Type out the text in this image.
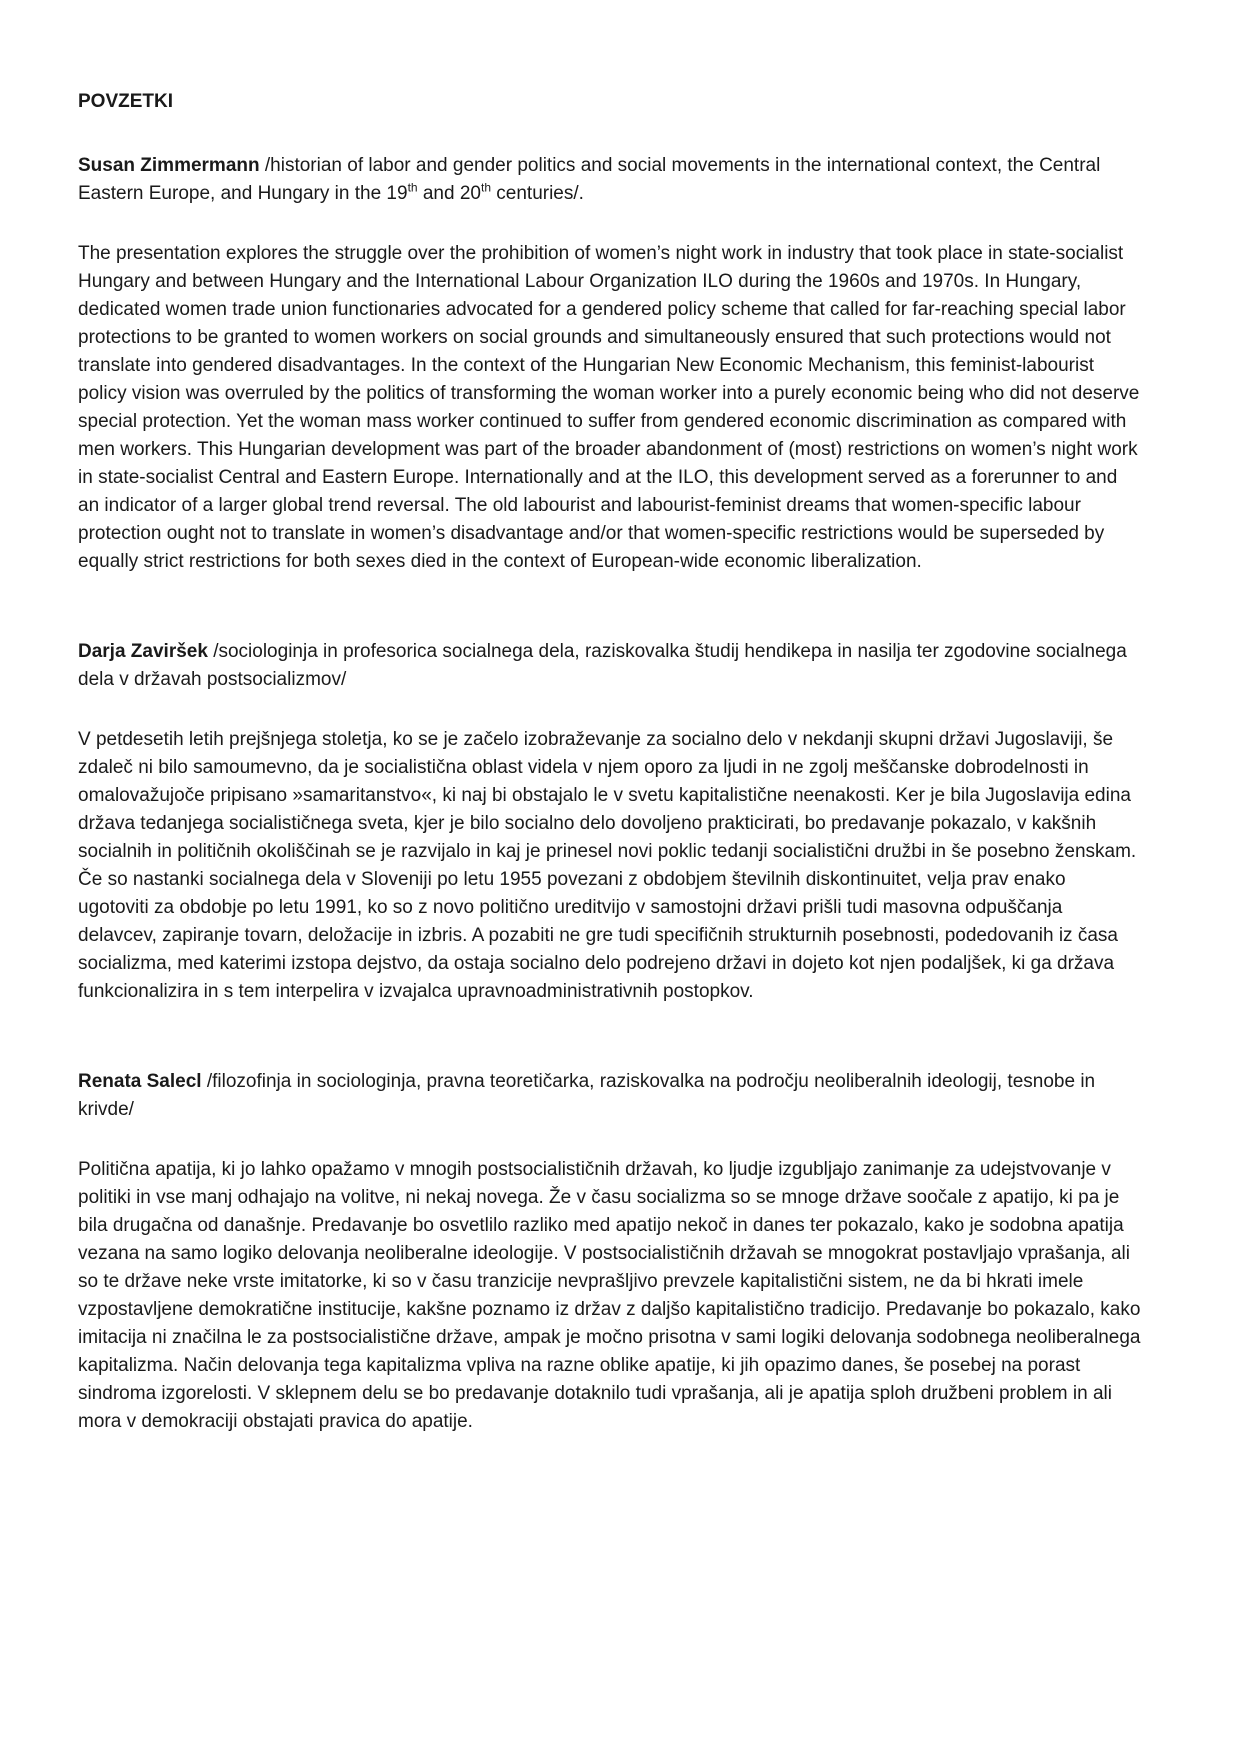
POVZETKI

Susan Zimmermann /historian of labor and gender politics and social movements in the international context, the Central Eastern Europe, and Hungary in the 19th and 20th centuries/.

The presentation explores the struggle over the prohibition of women’s night work in industry that took place in state-socialist Hungary and between Hungary and the International Labour Organization ILO during the 1960s and 1970s. In Hungary, dedicated women trade union functionaries advocated for a gendered policy scheme that called for far-reaching special labor protections to be granted to women workers on social grounds and simultaneously ensured that such protections would not translate into gendered disadvantages. In the context of the Hungarian New Economic Mechanism, this feminist-labourist policy vision was overruled by the politics of transforming the woman worker into a purely economic being who did not deserve special protection. Yet the woman mass worker continued to suffer from gendered economic discrimination as compared with men workers. This Hungarian development was part of the broader abandonment of (most) restrictions on women’s night work in state-socialist Central and Eastern Europe. Internationally and at the ILO, this development served as a forerunner to and an indicator of a larger global trend reversal. The old labourist and labourist-feminist dreams that women-specific labour protection ought not to translate in women’s disadvantage and/or that women-specific restrictions would be superseded by equally strict restrictions for both sexes died in the context of European-wide economic liberalization.

Darja Zaviršek /sociologinja in profesorica socialnega dela, raziskovalka študij hendikepa in nasilja ter zgodovine socialnega dela v državah postsocializmov/

V petdesetih letih prejšnjega stoletja, ko se je začelo izobraževanje za socialno delo v nekdanji skupni državi Jugoslaviji, še zdaleč ni bilo samoumevno, da je socialistična oblast videla v njem oporo za ljudi in ne zgolj meščanske dobrodelnosti in omalovažujoče pripisano »samaritanstvo«, ki naj bi obstajalo le v svetu kapitalistične neenakosti. Ker je bila Jugoslavija edina država tedanjega socialističnega sveta, kjer je bilo socialno delo dovoljeno prakticirati, bo predavanje pokazalo, v kakšnih socialnih in političnih okoliščinah se je razvijalo in kaj je prinesel novi poklic tedanji socialistični družbi in še posebno ženskam. Če so nastanki socialnega dela v Sloveniji po letu 1955 povezani z obdobjem številnih diskontinuitet, velja prav enako ugotoviti za obdobje po letu 1991, ko so z novo politično ureditvijo v samostojni državi prišli tudi masovna odpuščanja delavcev, zapiranje tovarn, deložacije in izbris. A pozabiti ne gre tudi specifičnih strukturnih posebnosti, podedovanih iz časa socializma, med katerimi izstopa dejstvo, da ostaja socialno delo podrejeno državi in dojeto kot njen podaljšek, ki ga država funkcionalizira in s tem interpelira v izvajalca upravnoadministrativnih postopkov.

Renata Salecl /filozofinja in sociologinja, pravna teoretičarka, raziskovalka na področju neoliberalnih ideologij, tesnobe in krivde/

Politična apatija, ki jo lahko opažamo v mnogih postsocialističnih državah, ko ljudje izgubljajo zanimanje za udejstvovanje v politiki in vse manj odhajajo na volitve, ni nekaj novega. Že v času socializma so se mnoge države soočale z apatijo, ki pa je bila drugačna od današnje. Predavanje bo osvetlilo razliko med apatijo nekoč in danes ter pokazalo, kako je sodobna apatija vezana na samo logiko delovanja neoliberalne ideologije. V postsocialističnih državah se mnogokrat postavljajo vprašanja, ali so te države neke vrste imitatorke, ki so v času tranzicije nevprašljivo prevzele kapitalistični sistem, ne da bi hkrati imele vzpostavljene demokratične institucije, kakšne poznamo iz držav z daljšo kapitalistično tradicijo. Predavanje bo pokazalo, kako imitacija ni značilna le za postsocialistične države, ampak je močno prisotna v sami logiki delovanja sodobnega neoliberalnega kapitalizma. Način delovanja tega kapitalizma vpliva na razne oblike apatije, ki jih opazimo danes, še posebej na porast sindroma izgorelosti. V sklepnem delu se bo predavanje dotaknilo tudi vprašanja, ali je apatija sploh družbeni problem in ali mora v demokraciji obstajati pravica do apatije.
